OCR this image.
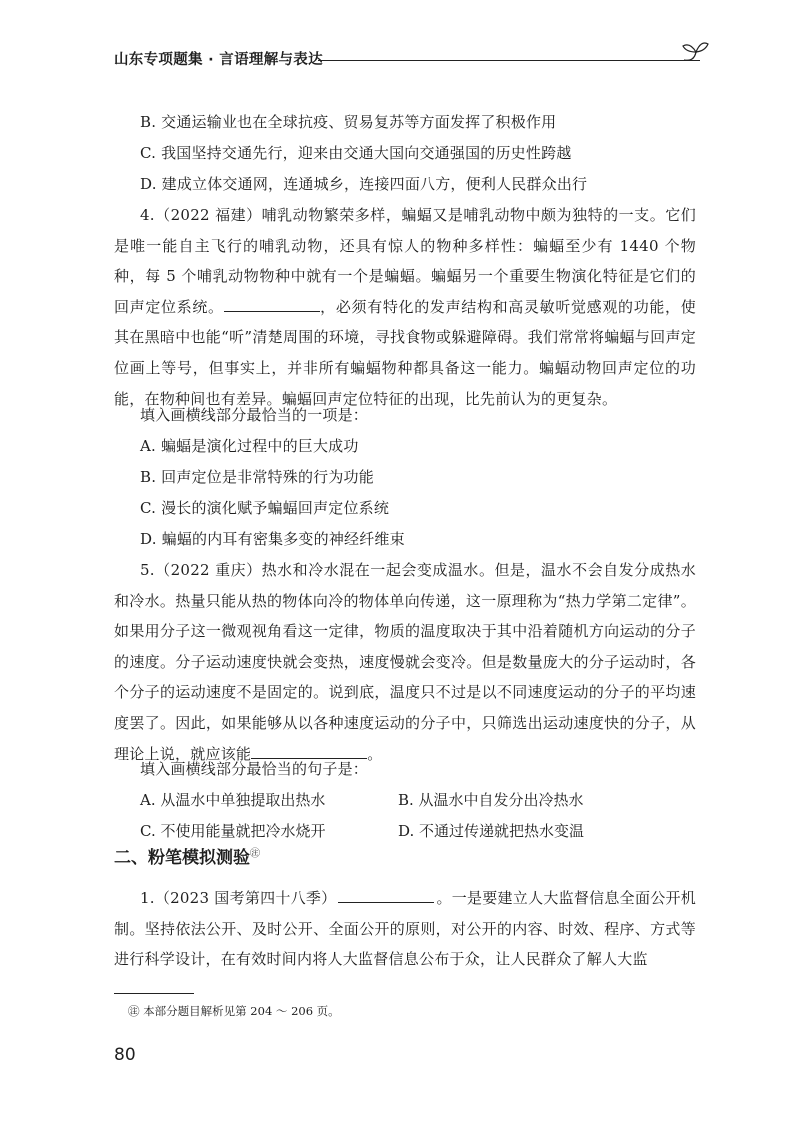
山东专项题集 · 言语理解与表达
B. 交通运输业也在全球抗疫、贸易复苏等方面发挥了积极作用
C. 我国坚持交通先行，迎来由交通大国向交通强国的历史性跨越
D. 建成立体交通网，连通城乡，连接四面八方，便利人民群众出行
4.（2022 福建）哺乳动物繁荣多样，蝙蝠又是哺乳动物中颇为独特的一支。它们是唯一能自主飞行的哺乳动物，还具有惊人的物种多样性：蝙蝠至少有 1440 个物种，每 5 个哺乳动物物种中就有一个是蝙蝠。蝙蝠另一个重要生物演化特征是它们的回声定位系统。	，必须有特化的发声结构和高灵敏听觉感观的功能，使其在黑暗中也能“听”清楚周围的环境，寻找食物或躲避障碍。我们常常将蝙蝠与回声定位画上等号，但事实上，并非所有蝙蝠物种都具备这一能力。蝙蝠动物回声定位的功能，在物种间也有差异。蝙蝠回声定位特征的出现，比先前认为的更复杂。
填入画横线部分最恰当的一项是：
A. 蝙蝠是演化过程中的巨大成功
B. 回声定位是非常特殊的行为功能
C. 漫长的演化赋予蝙蝠回声定位系统
D. 蝙蝠的内耳有密集多变的神经纤维束
5.（2022 重庆）热水和冷水混在一起会变成温水。但是，温水不会自发分成热水和冷水。热量只能从热的物体向冷的物体单向传递，这一原理称为“热力学第二定律”。如果用分子这一微观视角看这一定律，物质的温度取决于其中沿着随机方向运动的分子的速度。分子运动速度快就会变热，速度慢就会变冷。但是数量庞大的分子运动时，各个分子的运动速度不是固定的。说到底，温度只不过是以不同速度运动的分子的平均速度罢了。因此，如果能够从以各种速度运动的分子中，只筛选出运动速度快的分子，从理论上说，就应该能	。
填入画横线部分最恰当的句子是：
A. 从温水中单独提取出热水	B. 从温水中自发分出冷热水
C. 不使用能量就把冷水烧开	D. 不通过传递就把热水变温
二、粉笔模拟测验㊟
1.（2023 国考第四十八季）	。一是要建立人大监督信息全面公开机制。坚持依法公开、及时公开、全面公开的原则，对公开的内容、时效、程序、方式等进行科学设计，在有效时间内将人大监督信息公布于众，让人民群众了解人大监
㊟ 本部分题目解析见第 204 ～ 206 页。
80
